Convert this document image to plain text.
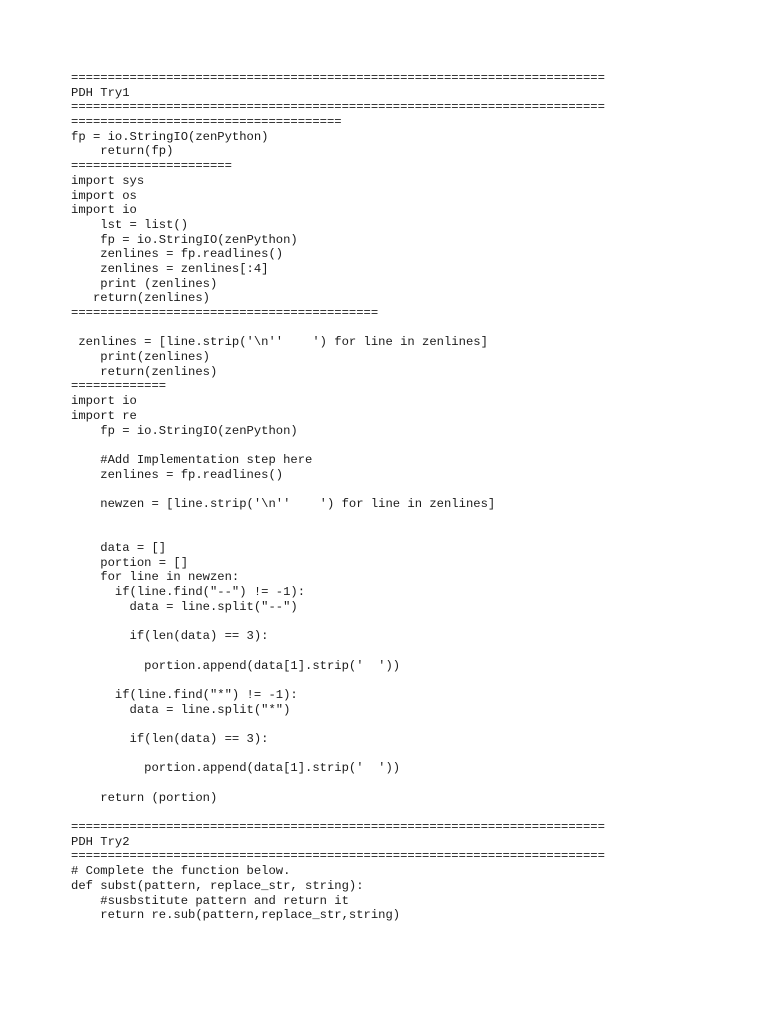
=========================================================================
PDH Try1
=========================================================================
=====================================
fp = io.StringIO(zenPython)
return(fp)
======================
import sys
import os
import io
lst = list()
fp = io.StringIO(zenPython)
zenlines = fp.readlines()
zenlines = zenlines[:4]
print (zenlines)
return(zenlines)
==========================================
zenlines = [line.strip('\n''    ') for line in zenlines]
print(zenlines)
return(zenlines)
=============
import io
import re
fp = io.StringIO(zenPython)
#Add Implementation step here
zenlines = fp.readlines()
newzen = [line.strip('\n''    ') for line in zenlines]
data = []
portion = []
for line in newzen:
if(line.find("--") != -1):
data = line.split("--")
if(len(data) == 3):
portion.append(data[1].strip('  '))
if(line.find("*") != -1):
data = line.split("*")
if(len(data) == 3):
portion.append(data[1].strip('  '))
return (portion)
=========================================================================
PDH Try2
=========================================================================
# Complete the function below.
def subst(pattern, replace_str, string):
#susbstitute pattern and return it
return re.sub(pattern,replace_str,string)
